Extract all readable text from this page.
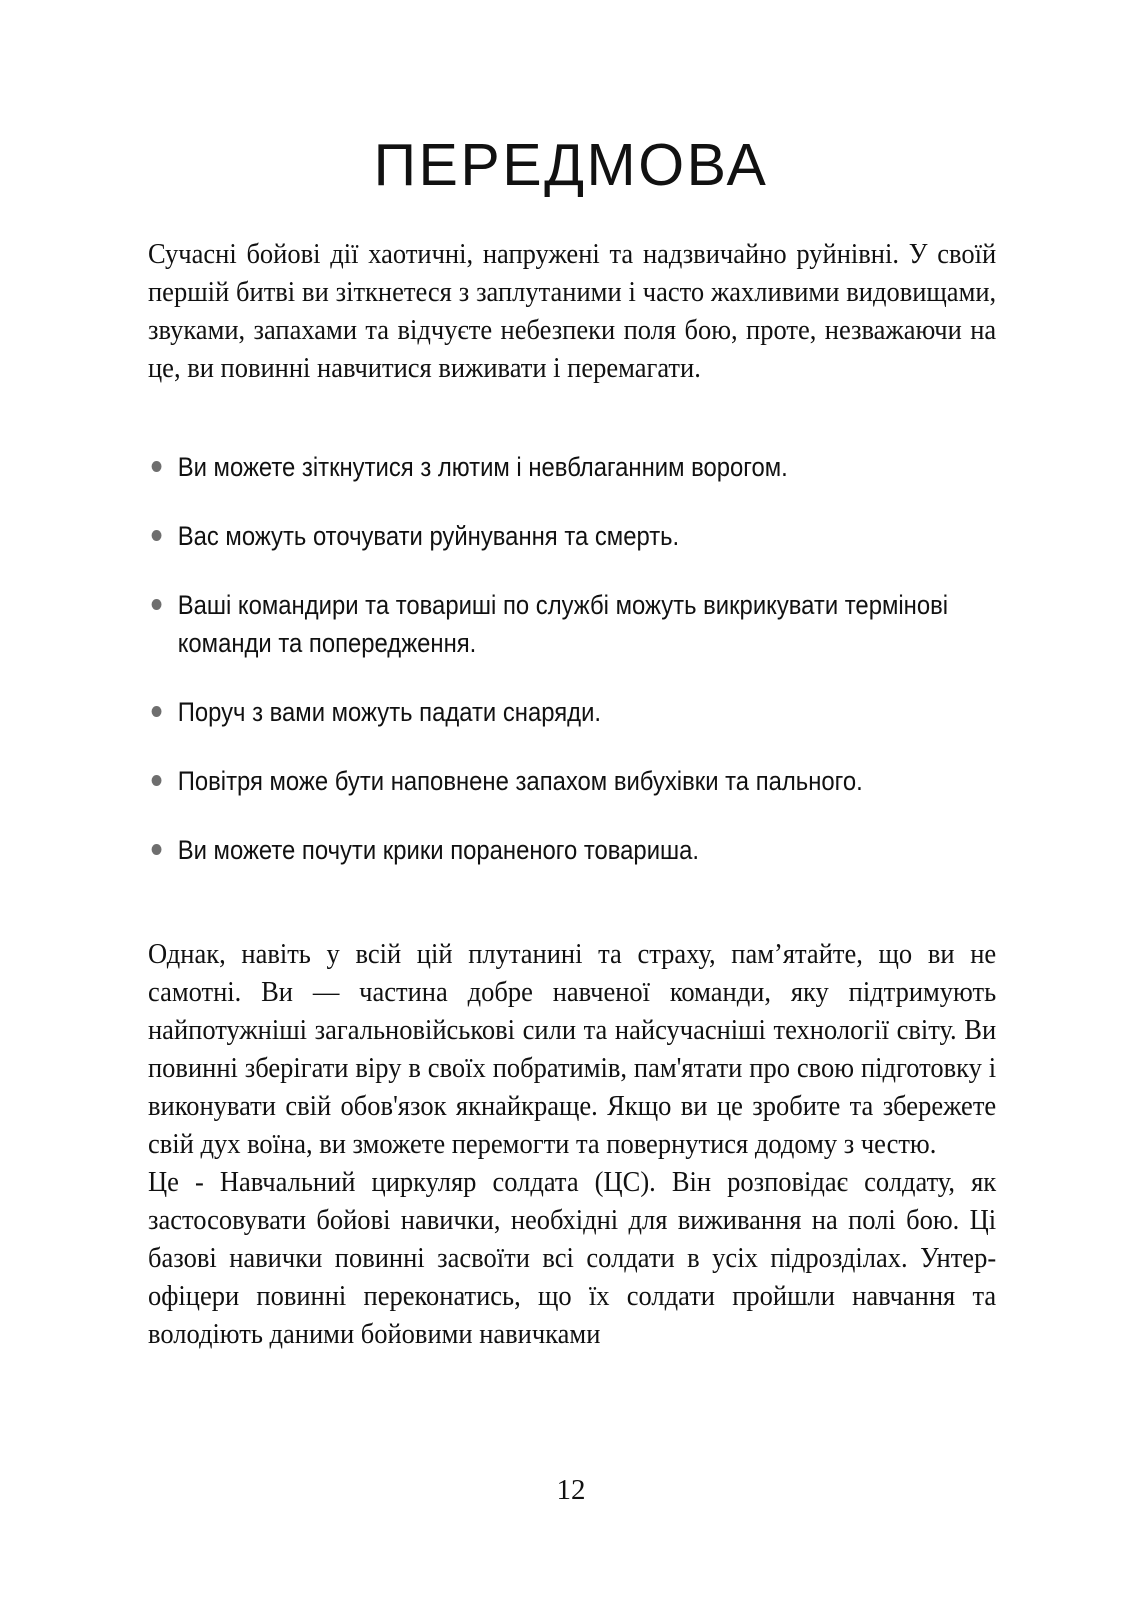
ПЕРЕДМОВА

Сучасні бойові дії хаотичні, напружені та надзвичайно руйнівні. У своїй першій битві ви зіткнетеся з заплутаними і часто жахливими видовищами, звуками, запахами та відчуєте небезпеки поля бою, проте, незважаючи на це, ви повинні навчитися виживати і перемагати.

Ви можете зіткнутися з лютим і невблаганним ворогом.
Вас можуть оточувати руйнування та смерть.
Ваші командири та товариші по службі можуть викрикувати термінові команди та попередження.
Поруч з вами можуть падати снаряди.
Повітря може бути наповнене запахом вибухівки та пального.
Ви можете почути крики пораненого товариша.

Однак, навіть у всій цій плутанині та страху, пам’ятайте, що ви не самотні. Ви — частина добре навченої команди, яку підтримують найпотужніші загальновійськові сили та найсучасніші технології світу. Ви повинні зберігати віру в своїх побратимів, пам'ятати про свою підготовку і виконувати свій обов'язок якнайкраще. Якщо ви це зробите та збережете свій дух воїна, ви зможете перемогти та повернутися додому з честю.

Це - Навчальний циркуляр солдата (ЦС). Він розповідає солдату, як застосовувати бойові навички, необхідні для виживання на полі бою. Ці базові навички повинні засвоїти всі солдати в усіх підрозділах. Унтер-офіцери повинні переконатись, що їх солдати пройшли навчання та володіють даними бойовими навичками

12
